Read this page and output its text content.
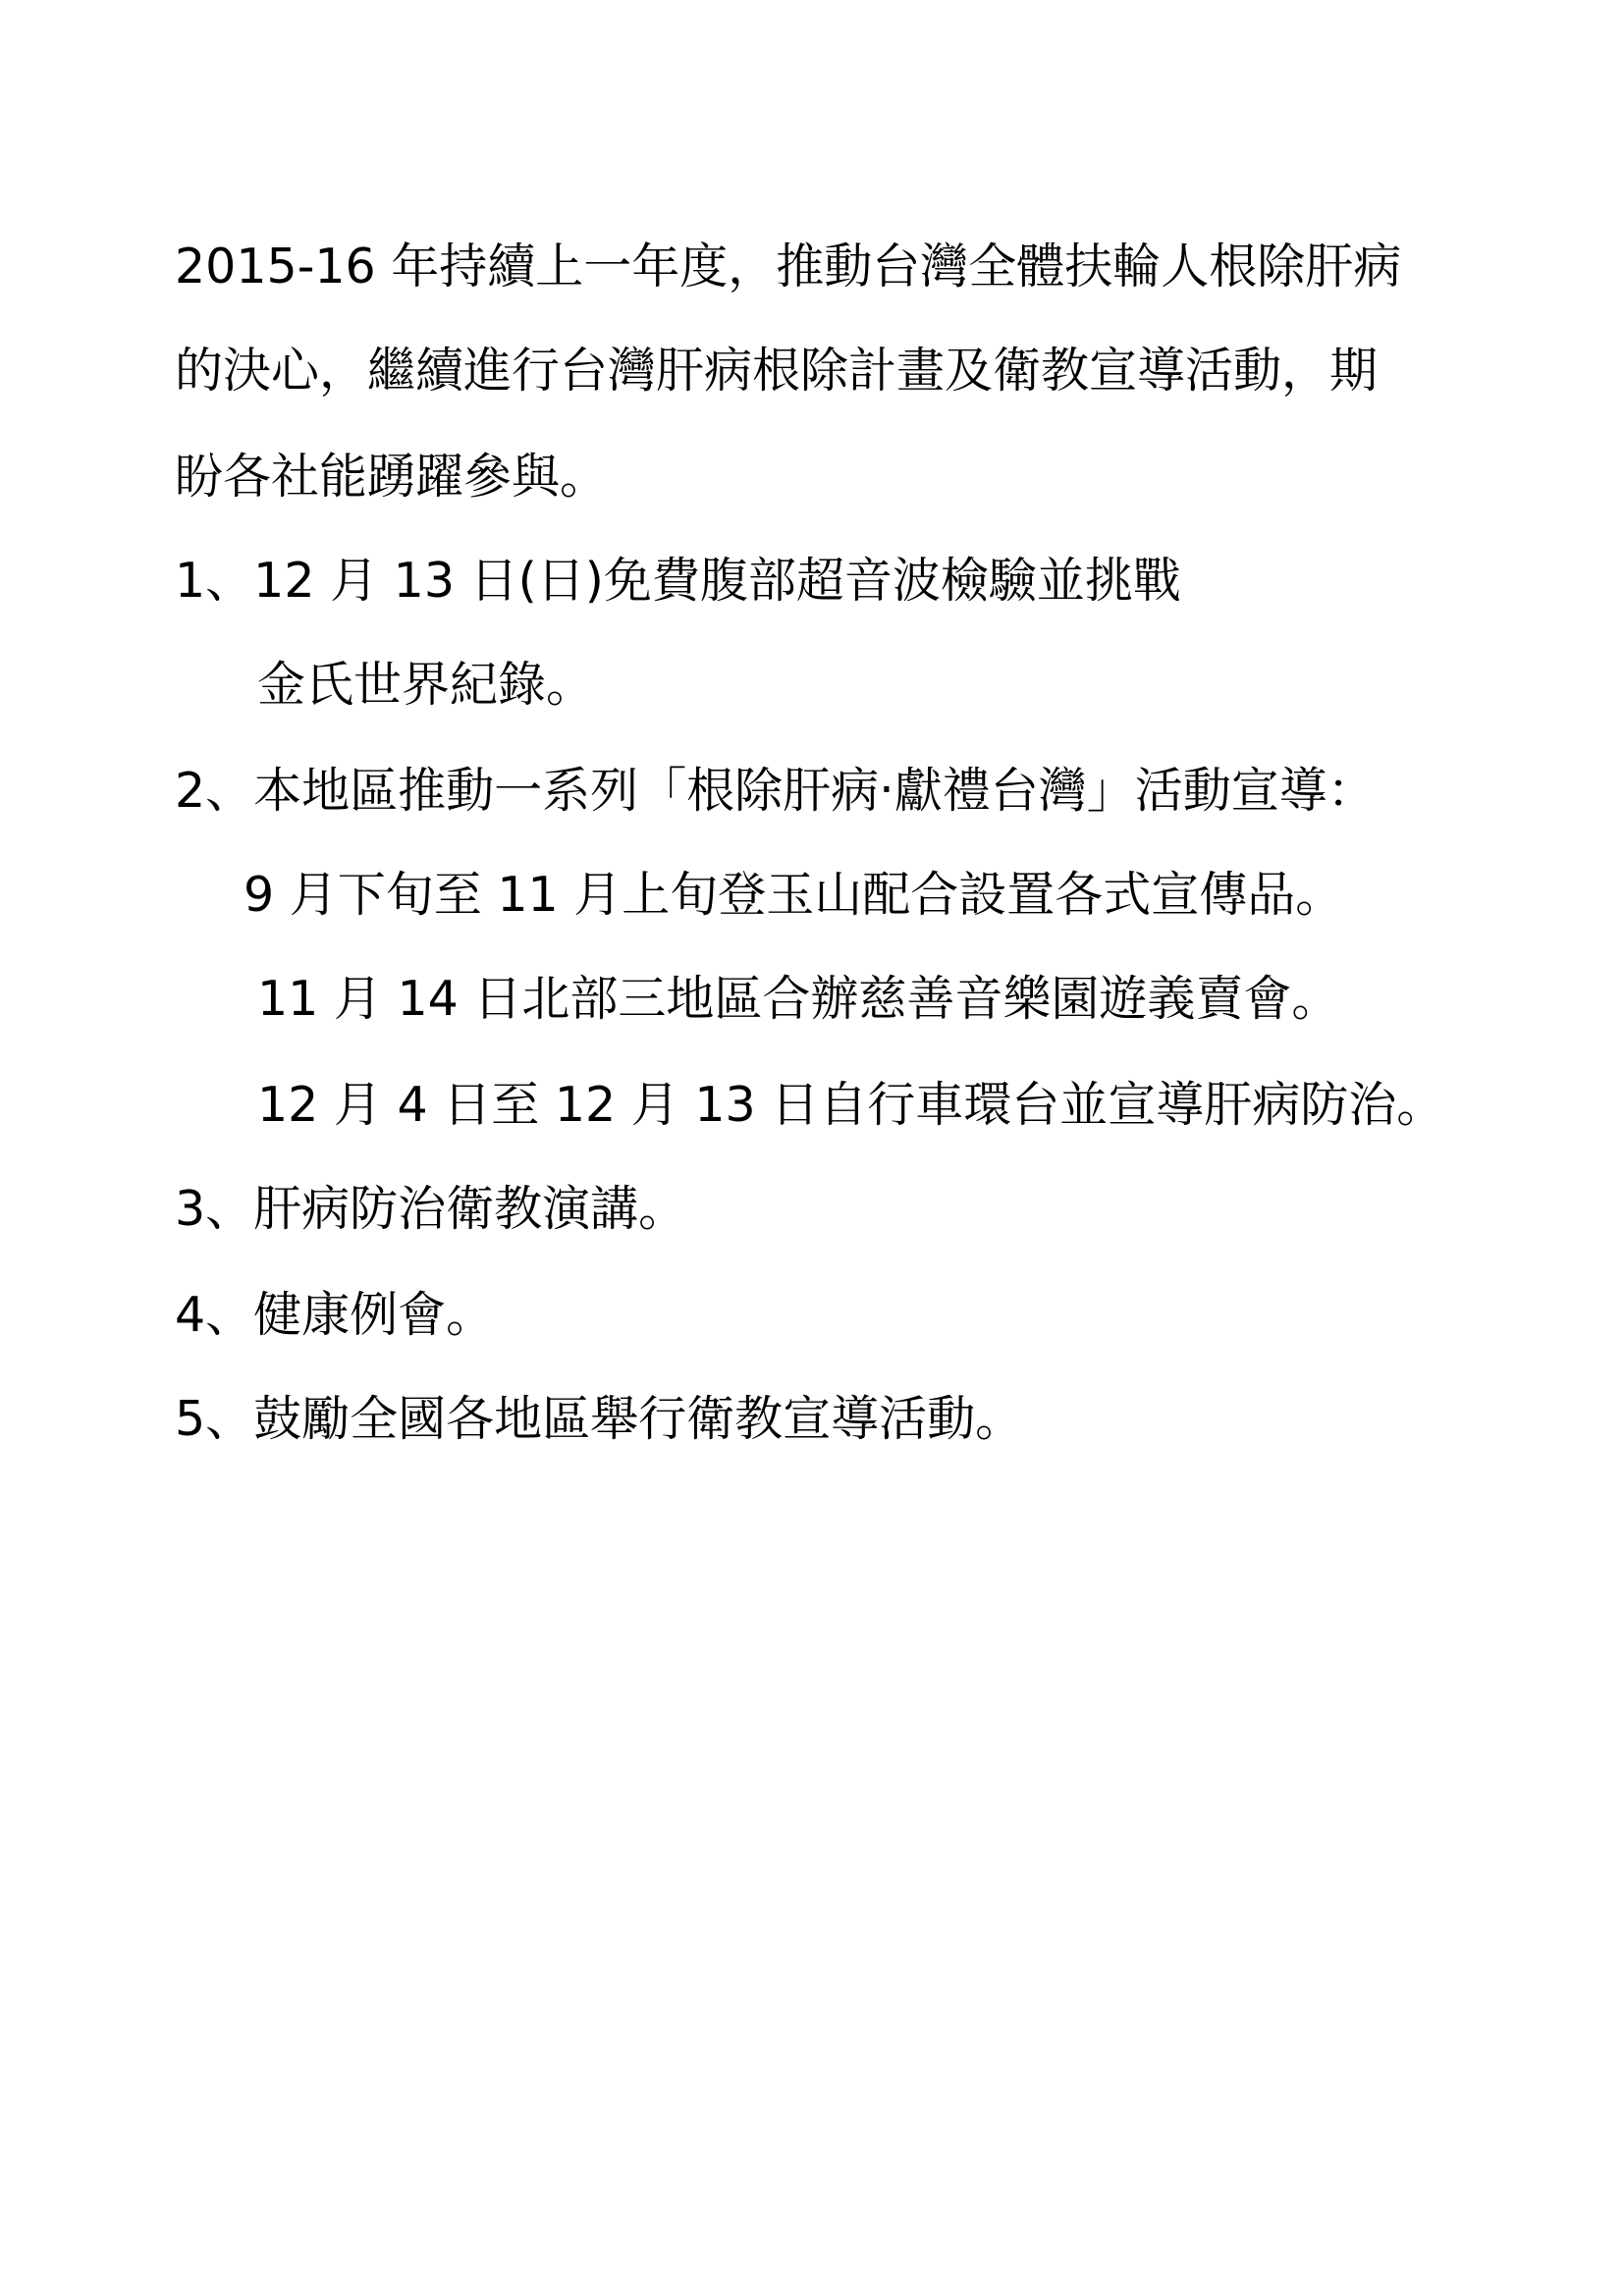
2015-16 年持續上一年度，推動台灣全體扶輪人根除肝病
的決心，繼續進行台灣肝病根除計畫及衛教宣導活動，期
盼各社能踴躍參與。
1、12 月 13 日(日)免費腹部超音波檢驗並挑戰
金氏世界紀錄。
2、本地區推動一系列「根除肝病‧獻禮台灣」活動宣導：
9 月下旬至 11 月上旬登玉山配合設置各式宣傳品。
11 月 14 日北部三地區合辦慈善音樂園遊義賣會。
12 月 4 日至 12 月 13 日自行車環台並宣導肝病防治。
3、肝病防治衛教演講。
4、健康例會。
5、鼓勵全國各地區舉行衛教宣導活動。
